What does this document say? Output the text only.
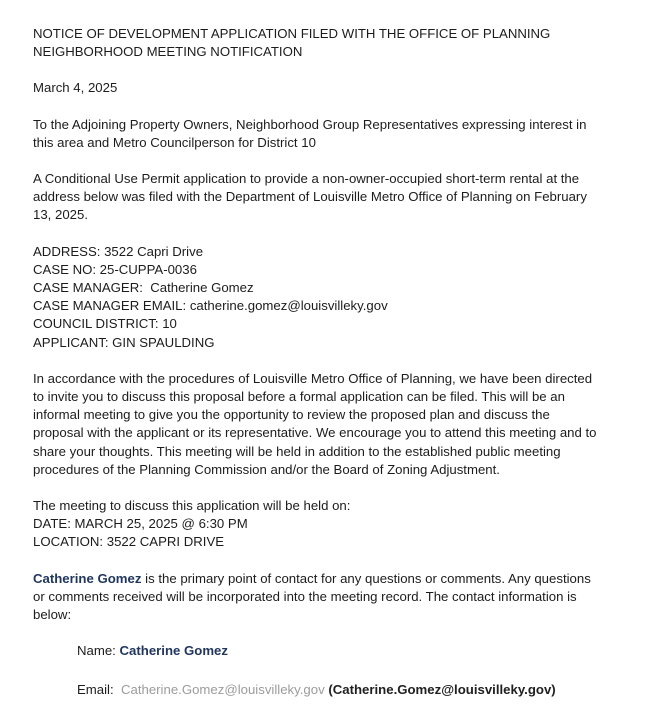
NOTICE OF DEVELOPMENT APPLICATION FILED WITH THE OFFICE OF PLANNING
NEIGHBORHOOD MEETING NOTIFICATION
March 4, 2025
To the Adjoining Property Owners, Neighborhood Group Representatives expressing interest in this area and Metro Councilperson for District 10
A Conditional Use Permit application to provide a non-owner-occupied short-term rental at the address below was filed with the Department of Louisville Metro Office of Planning on February 13, 2025.
ADDRESS: 3522 Capri Drive
CASE NO: 25-CUPPA-0036
CASE MANAGER:  Catherine Gomez
CASE MANAGER EMAIL: catherine.gomez@louisvilleky.gov
COUNCIL DISTRICT: 10
APPLICANT: GIN SPAULDING
In accordance with the procedures of Louisville Metro Office of Planning, we have been directed to invite you to discuss this proposal before a formal application can be filed. This will be an informal meeting to give you the opportunity to review the proposed plan and discuss the proposal with the applicant or its representative. We encourage you to attend this meeting and to share your thoughts. This meeting will be held in addition to the established public meeting procedures of the Planning Commission and/or the Board of Zoning Adjustment.
The meeting to discuss this application will be held on:
DATE: MARCH 25, 2025 @ 6:30 PM
LOCATION: 3522 CAPRI DRIVE
Catherine Gomez is the primary point of contact for any questions or comments. Any questions or comments received will be incorporated into the meeting record. The contact information is below:
Name: Catherine Gomez
Email:  Catherine.Gomez@louisvilleky.gov (Catherine.Gomez@louisvilleky.gov)
